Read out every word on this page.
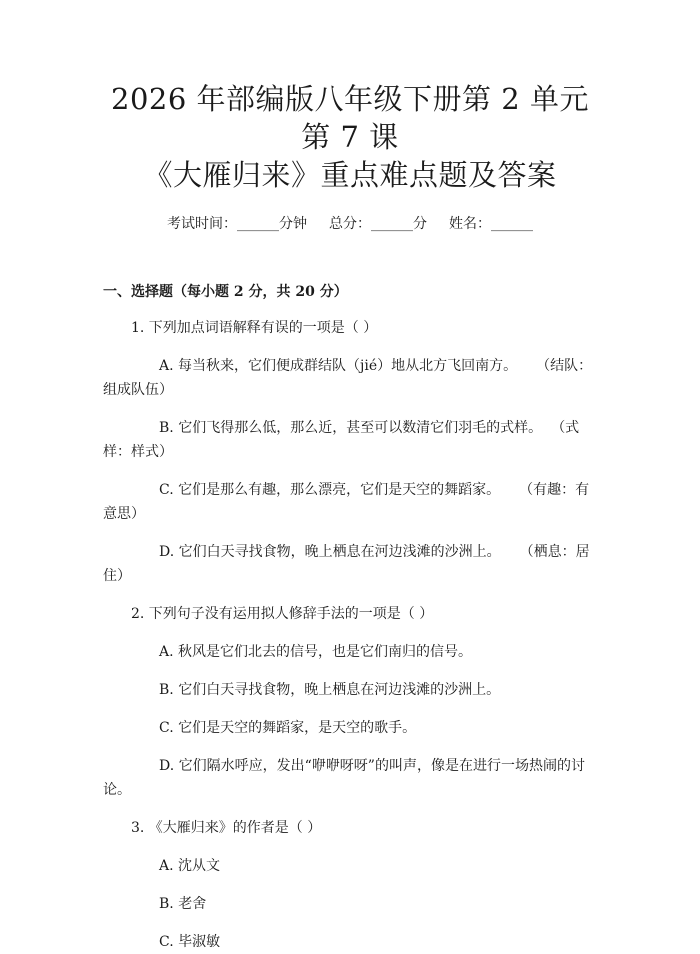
2026 年部编版八年级下册第 2 单元第 7 课
《大雁归来》重点难点题及答案
考试时间：______分钟 总分：______分 姓名：______
一、选择题（每小题 2 分，共 20 分）

1. 下列加点词语解释有误的一项是（ ）

A. 每当秋来，它们便成群结队（jié）地从北方飞回南方。 （结队：组成队伍）

B. 它们飞得那么低，那么近，甚至可以数清它们羽毛的式样。 （式样：样式）

C. 它们是那么有趣，那么漂亮，它们是天空的舞蹈家。 （有趣：有意思）

D. 它们白天寻找食物，晚上栖息在河边浅滩的沙洲上。 （栖息：居住）

2. 下列句子没有运用拟人修辞手法的一项是（ ）

A. 秋风是它们北去的信号，也是它们南归的信号。

B. 它们白天寻找食物，晚上栖息在河边浅滩的沙洲上。

C. 它们是天空的舞蹈家，是天空的歌手。

D. 它们隔水呼应，发出“咿咿呀呀”的叫声，像是在进行一场热闹的讨论。

3. 《大雁归来》的作者是（ ）

A. 沈从文

B. 老舍

C. 毕淑敏
